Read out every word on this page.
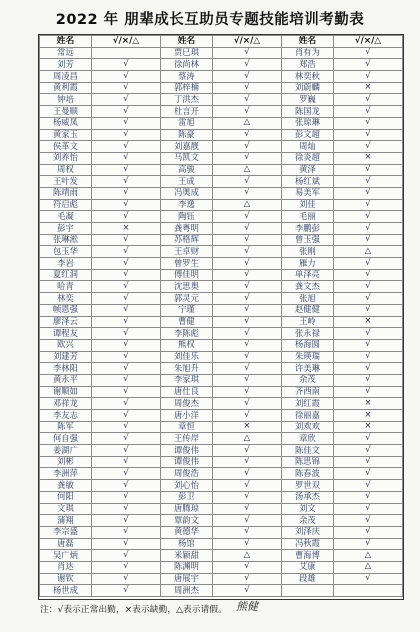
2022 年 朋辈成长互助员专题技能培训考勤表
姓名	√/×/△	姓名	√/×/△	姓名	√/×/△
常远		贾巳琪	√	肖有为	√
刘芳	√	徐尚林	√	郑浩	√
周凌昌	√	蔡涛	√	林奕秋	√
黄利霞	√	郭梓楠	√	刘蔚麟	×
钟培	√	丁洪杰	√	罗巍	√
王曼顺	√	杜言开	√	陈国龙	√
杨威凤	√	雷旭	△	张琼琳	√
黄家玉	√	陈豪	√	彭文超	√
侯革文	√	刘嘉靓	√	周灿	√
刘养怡	√	马凯文	√	徐炎超	×
周权	√	高骏	△	黄泽	√
王叶发	√	王成	√	杨红斌	√
陈靖雨	√	冯奥成	√	易美军	√
符启彪	√	李逸	△	刘佳	√
毛凝	√	陶钰	√	毛丽	√
彭宇	×	龚粤明	√	李鹏彭	√
张琳淞	√	苏格辉	√	曾玉强	√
包玉华	√	王卓财	√	张刚	△
李岩	√	曾罗生	√	雁力	√
夏红洞	√	傅佳明	√	单泽亮	√
哈青	√	沈思奥	√	龚文杰	√
林奕	√	郭灵元	√	张旭	√
帧恩强	√	宁瑾	√	赵健健	√
廖泽云	√	曹健	√	王岭	×
谭程友	√	李陈彪	√	张永禄	√
欧兴	√	熊权	√	杨海圆	√
刘建芳	√	刘佳乐	√	朱瑛瑞	√
李林阳	√	朱旭升	√	许美琳	√
黄永平	√	李家琪	√	余茂	√
谢顺如	√	唐仕良	√	齐西南	√
邓祥龙	√	周俊杰	√	刘红霞	×
李友志	√	唐小洋	√	徐丽嘉	×
陈军	√	章恒	×	刘欢欢	×
何自强	√	王传岸	△	章欣	√
姜湖广	√	谭俊伟	√	陈佳文	√
刘彬	√	谭俊伟	√	陈思锦	√
李洲萍	√	周俊浩	√	陈春波	√
龚敏	√	刘心怡	√	罗世双	√
何阳	√	彭卫	√	汤承杰	√
文琪	√	唐腾琼	√	刘文	√
蒲翔	√	覃韵文	√	余茂	√
李宗盛	√	黄德华	√	刘泽庆	√
唐磊	√	杨馆	√	冯秋霞	√
吴广炳	√	米颖甜	△	曹海博	△
肖达	√	陈渊明	√	艾康	△
谢钦	√	唐展宇	√	段雄	√
杨世成	√	周洲杰	√		
注：√表示正常出勤，×表示缺勤，△表示请假。 熊健
